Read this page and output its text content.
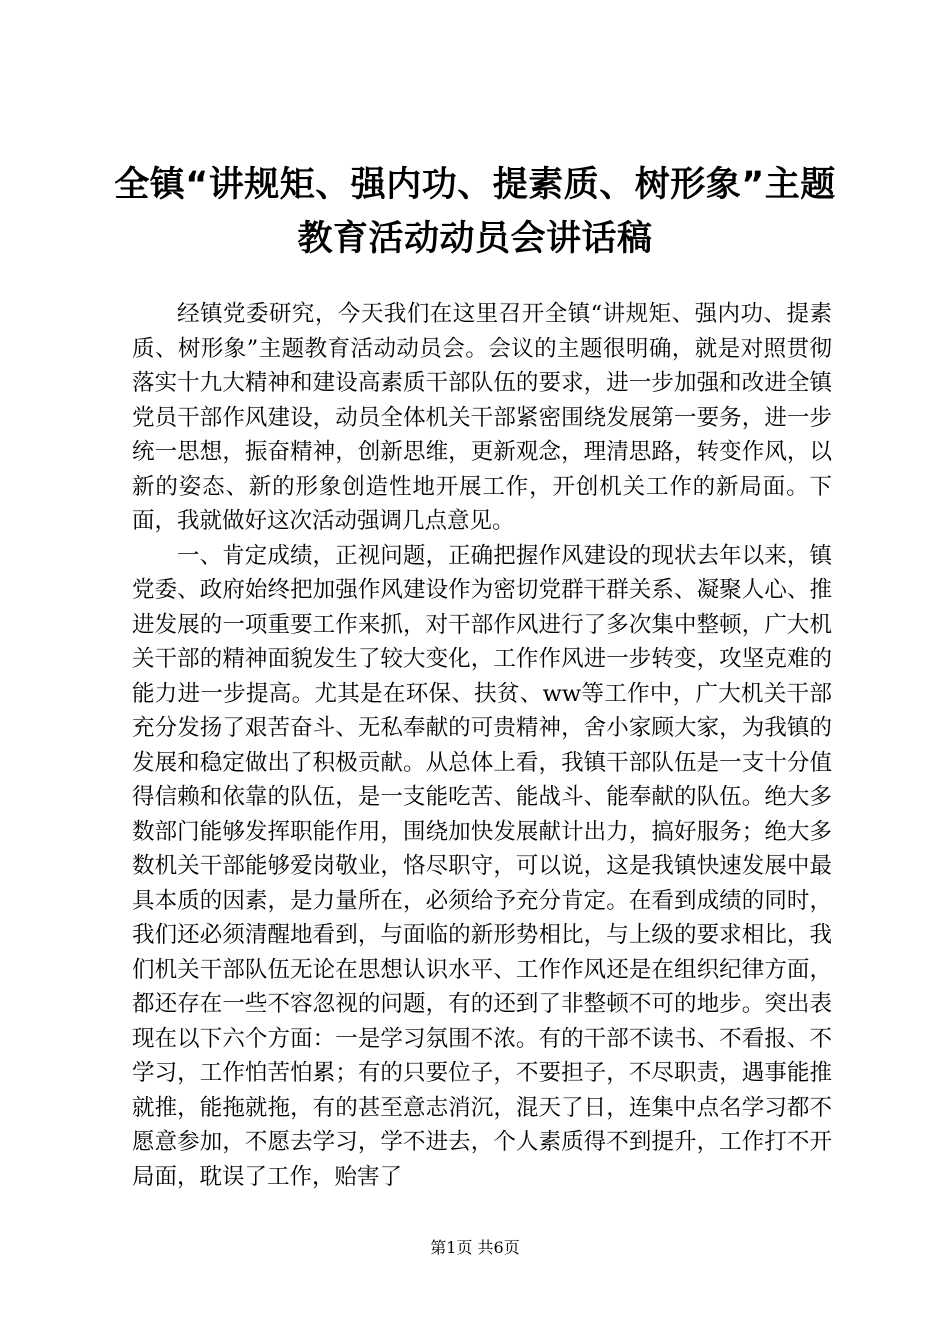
全镇“讲规矩、强内功、提素质、树形象”主题教育活动动员会讲话稿

经镇党委研究，今天我们在这里召开全镇“讲规矩、强内功、提素质、树形象”主题教育活动动员会。会议的主题很明确，就是对照贯彻落实十九大精神和建设高素质干部队伍的要求，进一步加强和改进全镇党员干部作风建设，动员全体机关干部紧密围绕发展第一要务，进一步统一思想，振奋精神，创新思维，更新观念，理清思路，转变作风，以新的姿态、新的形象创造性地开展工作，开创机关工作的新局面。下面，我就做好这次活动强调几点意见。

一、肯定成绩，正视问题，正确把握作风建设的现状去年以来，镇党委、政府始终把加强作风建设作为密切党群干群关系、凝聚人心、推进发展的一项重要工作来抓，对干部作风进行了多次集中整顿，广大机关干部的精神面貌发生了较大变化，工作作风进一步转变，攻坚克难的能力进一步提高。尤其是在环保、扶贫、ww等工作中，广大机关干部充分发扬了艰苦奋斗、无私奉献的可贵精神，舍小家顾大家，为我镇的发展和稳定做出了积极贡献。从总体上看，我镇干部队伍是一支十分值得信赖和依靠的队伍，是一支能吃苦、能战斗、能奉献的队伍。绝大多数部门能够发挥职能作用，围绕加快发展献计出力，搞好服务；绝大多数机关干部能够爱岗敬业，恪尽职守，可以说，这是我镇快速发展中最具本质的因素，是力量所在，必须给予充分肯定。在看到成绩的同时，我们还必须清醒地看到，与面临的新形势相比，与上级的要求相比，我们机关干部队伍无论在思想认识水平、工作作风还是在组织纪律方面，都还存在一些不容忽视的问题，有的还到了非整顿不可的地步。突出表现在以下六个方面：一是学习氛围不浓。有的干部不读书、不看报、不学习，工作怕苦怕累；有的只要位子，不要担子，不尽职责，遇事能推就推，能拖就拖，有的甚至意志消沉，混天了日，连集中点名学习都不愿意参加，不愿去学习，学不进去，个人素质得不到提升，工作打不开局面，耽误了工作，贻害了

第1页 共6页
